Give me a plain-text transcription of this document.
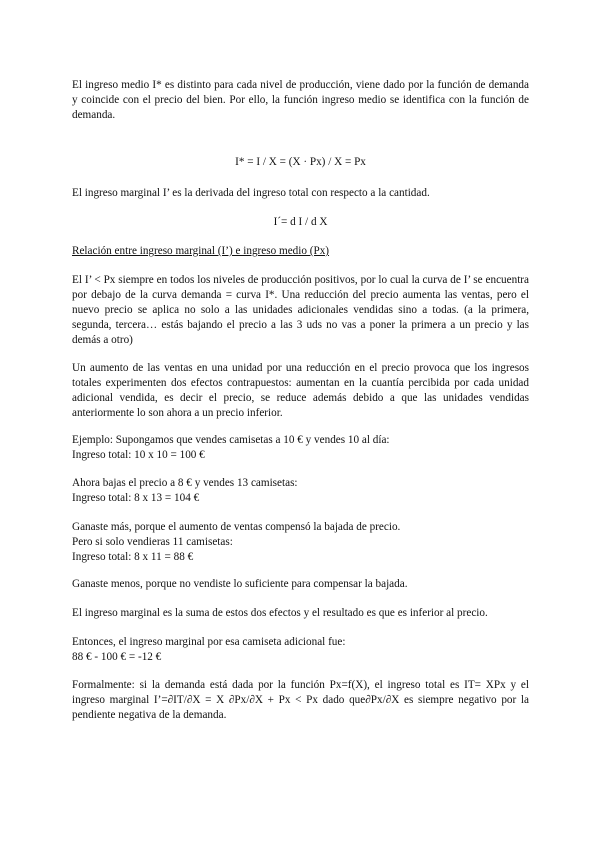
El ingreso medio I* es distinto para cada nivel de producción, viene dado por la función de demanda y coincide con el precio del bien. Por ello, la función ingreso medio se identifica con la función de demanda.

I* = I / X = (X · Px) / X = Px

El ingreso marginal I’ es la derivada del ingreso total con respecto a la cantidad.

I´= d I / d X

Relación entre ingreso marginal (I’) e ingreso medio (Px)

El I’ < Px siempre en todos los niveles de producción positivos, por lo cual la curva de I’ se encuentra por debajo de la curva demanda = curva I*. Una reducción del precio aumenta las ventas, pero el nuevo precio se aplica no solo a las unidades adicionales vendidas sino a todas. (a la primera, segunda, tercera… estás bajando el precio a las 3 uds no vas a poner la primera a un precio y las demás a otro)

Un aumento de las ventas en una unidad por una reducción en el precio provoca que los ingresos totales experimenten dos efectos contrapuestos: aumentan en la cuantía percibida por cada unidad adicional vendida, es decir el precio, se reduce además debido a que las unidades vendidas anteriormente lo son ahora a un precio inferior.

Ejemplo: Supongamos que vendes camisetas a 10 € y vendes 10 al día:
Ingreso total: 10 x 10 = 100 €

Ahora bajas el precio a 8 € y vendes 13 camisetas:
Ingreso total: 8 x 13 = 104 €

Ganaste más, porque el aumento de ventas compensó la bajada de precio.
Pero si solo vendieras 11 camisetas:
Ingreso total: 8 x 11 = 88 €

Ganaste menos, porque no vendiste lo suficiente para compensar la bajada.

El ingreso marginal es la suma de estos dos efectos y el resultado es que es inferior al precio.

Entonces, el ingreso marginal por esa camiseta adicional fue:
88 € - 100 € = -12 €

Formalmente: si la demanda está dada por la función Px=f(X), el ingreso total es IT= XPx y el ingreso marginal I’=∂IT/∂X = X ∂Px/∂X + Px < Px dado que∂Px/∂X es siempre negativo por la pendiente negativa de la demanda.
